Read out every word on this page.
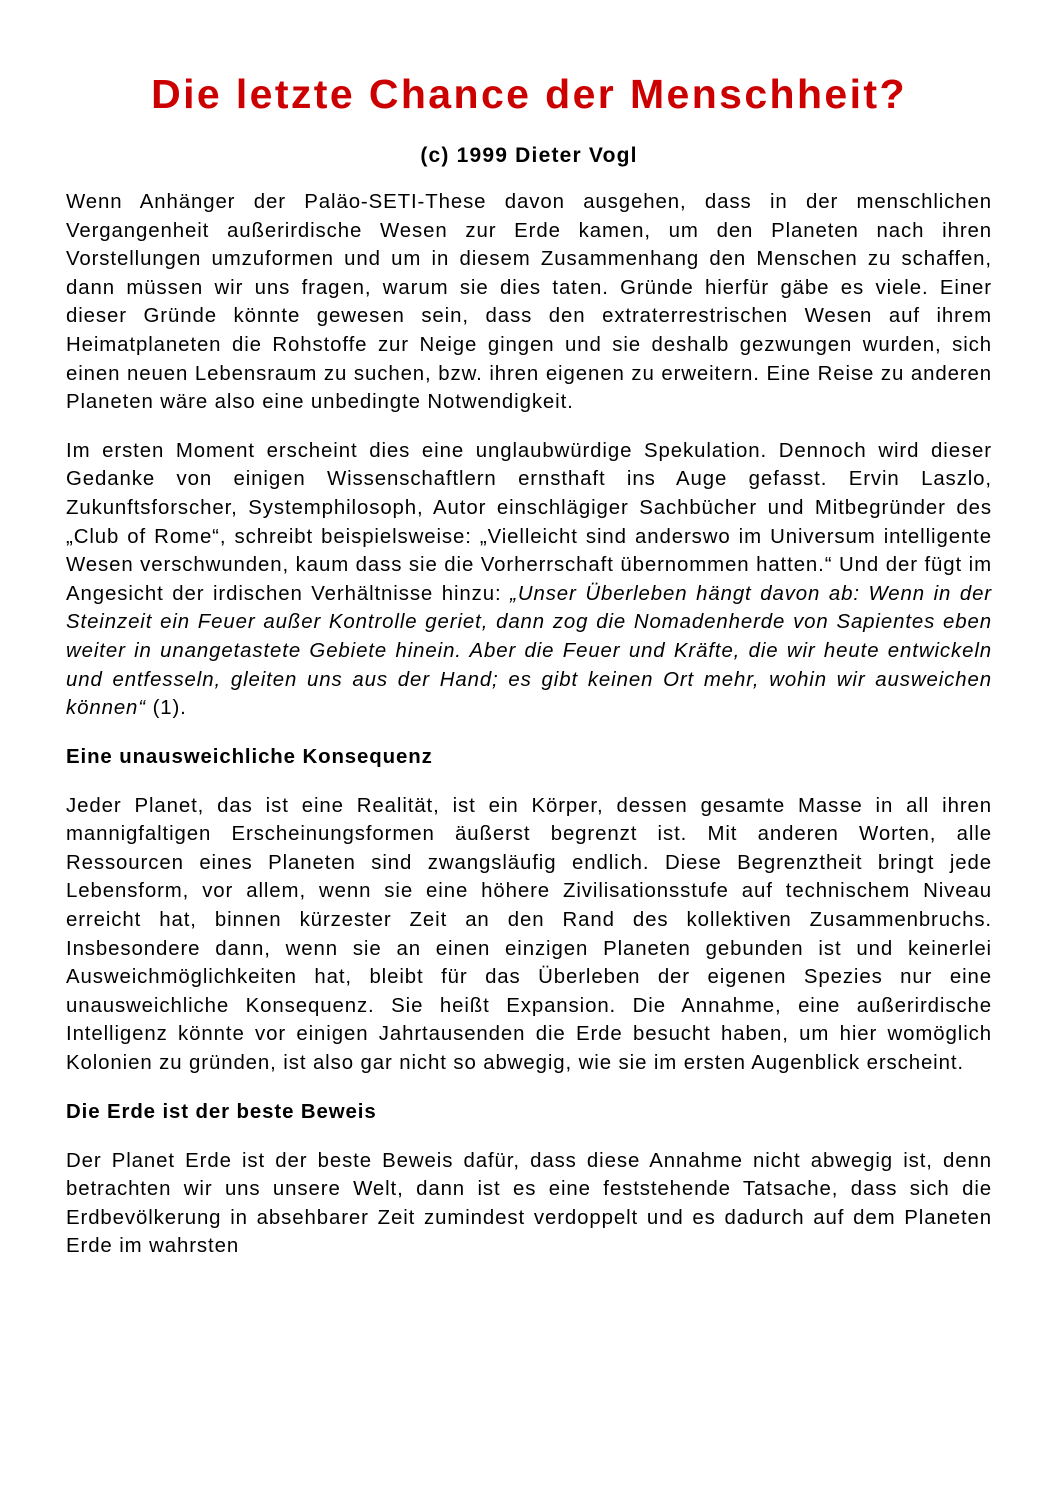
Die letzte Chance der Menschheit?
(c) 1999 Dieter Vogl

Wenn Anhänger der Paläo-SETI-These davon ausgehen, dass in der menschlichen Vergangenheit außerirdische Wesen zur Erde kamen, um den Planeten nach ihren Vorstellungen umzuformen und um in diesem Zusammenhang den Menschen zu schaffen, dann müssen wir uns fragen, warum sie dies taten. Gründe hierfür gäbe es viele. Einer dieser Gründe könnte gewesen sein, dass den extraterrestrischen Wesen auf ihrem Heimatplaneten die Rohstoffe zur Neige gingen und sie deshalb gezwungen wurden, sich einen neuen Lebensraum zu suchen, bzw. ihren eigenen zu erweitern. Eine Reise zu anderen Planeten wäre also eine unbedingte Notwendigkeit.

Im ersten Moment erscheint dies eine unglaubwürdige Spekulation. Dennoch wird dieser Gedanke von einigen Wissenschaftlern ernsthaft ins Auge gefasst. Ervin Laszlo, Zukunftsforscher, Systemphilosoph, Autor einschlägiger Sachbücher und Mitbegründer des „Club of Rome“, schreibt beispielsweise: „Vielleicht sind anderswo im Universum intelligente Wesen verschwunden, kaum dass sie die Vorherrschaft übernommen hatten.“ Und der fügt im Angesicht der irdischen Verhältnisse hinzu: „Unser Überleben hängt davon ab: Wenn in der Steinzeit ein Feuer außer Kontrolle geriet, dann zog die Nomadenherde von Sapientes eben weiter in unangetastete Gebiete hinein. Aber die Feuer und Kräfte, die wir heute entwickeln und entfesseln, gleiten uns aus der Hand; es gibt keinen Ort mehr, wohin wir ausweichen können“ (1).

Eine unausweichliche Konsequenz

Jeder Planet, das ist eine Realität, ist ein Körper, dessen gesamte Masse in all ihren mannigfaltigen Erscheinungsformen äußerst begrenzt ist. Mit anderen Worten, alle Ressourcen eines Planeten sind zwangsläufig endlich. Diese Begrenztheit bringt jede Lebensform, vor allem, wenn sie eine höhere Zivilisationsstufe auf technischem Niveau erreicht hat, binnen kürzester Zeit an den Rand des kollektiven Zusammenbruchs. Insbesondere dann, wenn sie an einen einzigen Planeten gebunden ist und keinerlei Ausweichmöglichkeiten hat, bleibt für das Überleben der eigenen Spezies nur eine unausweichliche Konsequenz. Sie heißt Expansion. Die Annahme, eine außerirdische Intelligenz könnte vor einigen Jahrtausenden die Erde besucht haben, um hier womöglich Kolonien zu gründen, ist also gar nicht so abwegig, wie sie im ersten Augenblick erscheint.

Die Erde ist der beste Beweis

Der Planet Erde ist der beste Beweis dafür, dass diese Annahme nicht abwegig ist, denn betrachten wir uns unsere Welt, dann ist es eine feststehende Tatsache, dass sich die Erdbevölkerung in absehbarer Zeit zumindest verdoppelt und es dadurch auf dem Planeten Erde im wahrsten
